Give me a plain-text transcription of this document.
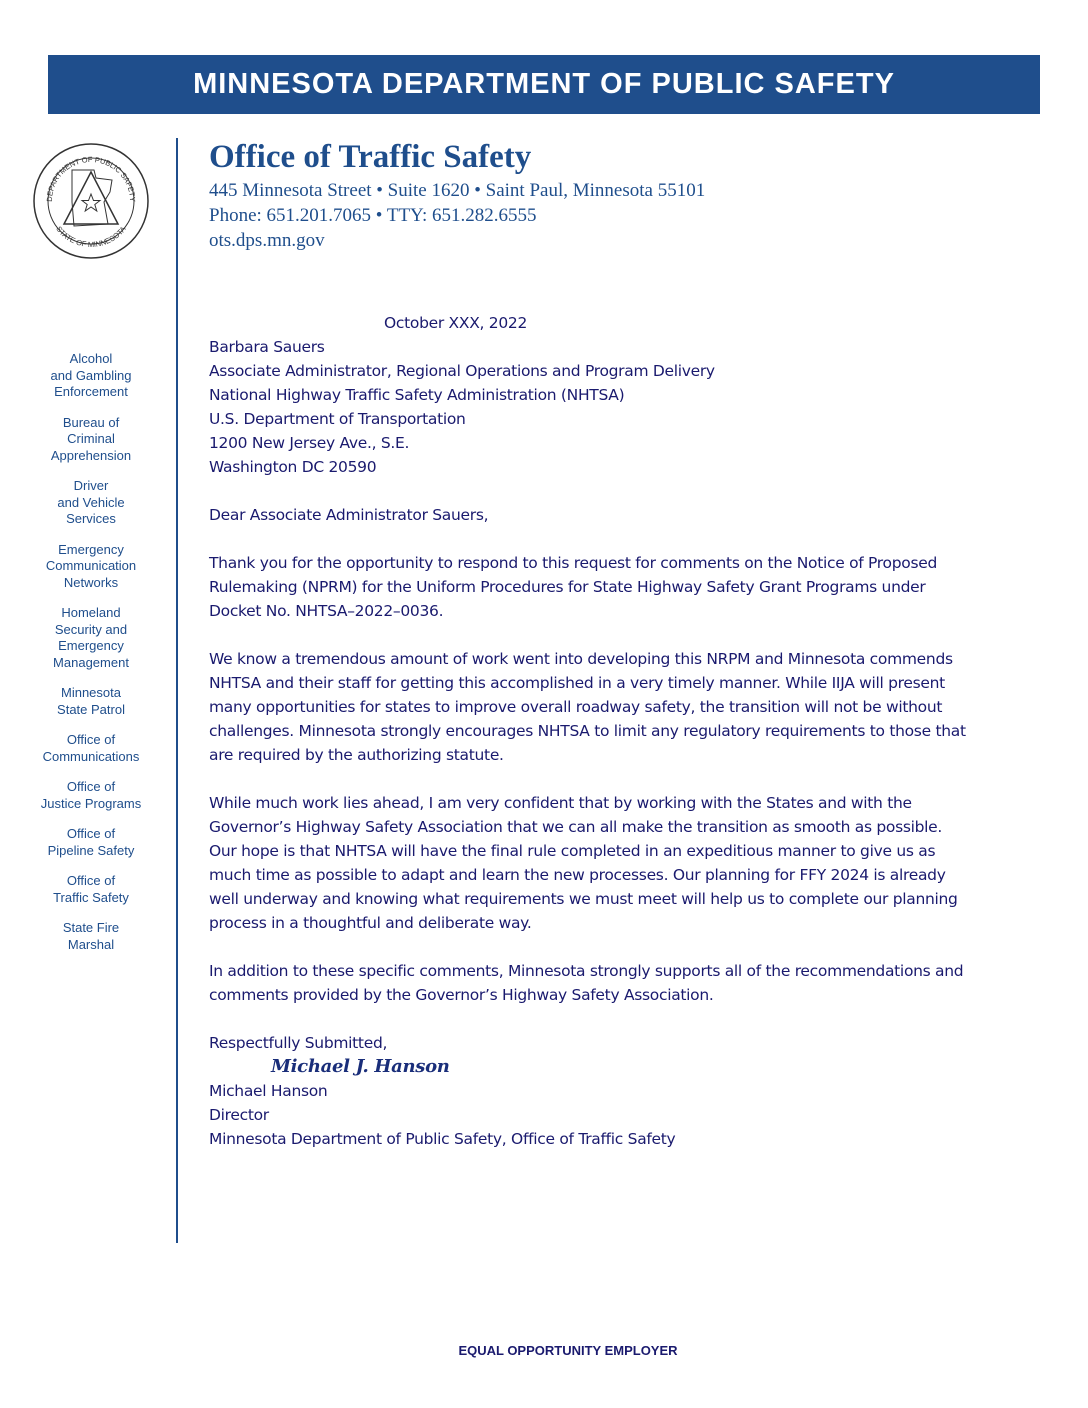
MINNESOTA DEPARTMENT OF PUBLIC SAFETY
DEPARTMENT OF PUBLIC SAFETY
STATE OF MINNESOTA
Alcohol
and Gambling
Enforcement
Bureau of
Criminal
Apprehension
Driver
and Vehicle
Services
Emergency
Communication
Networks
Homeland
Security and
Emergency
Management
Minnesota
State Patrol
Office of
Communications
Office of
Justice Programs
Office of
Pipeline Safety
Office of
Traffic Safety
State Fire
Marshal
Office of Traffic Safety
445 Minnesota Street • Suite 1620 • Saint Paul, Minnesota 55101
Phone: 651.201.7065 • TTY: 651.282.6555
ots.dps.mn.gov
October XXX, 2022
Barbara Sauers
Associate Administrator, Regional Operations and Program Delivery
National Highway Traffic Safety Administration (NHTSA)
U.S. Department of Transportation
1200 New Jersey Ave., S.E.
Washington DC 20590
Dear Associate Administrator Sauers,
Thank you for the opportunity to respond to this request for comments on the Notice of Proposed Rulemaking (NPRM) for the Uniform Procedures for State Highway Safety Grant Programs under Docket No. NHTSA–2022–0036.
We know a tremendous amount of work went into developing this NRPM and Minnesota commends NHTSA and their staff for getting this accomplished in a very timely manner. While IIJA will present many opportunities for states to improve overall roadway safety, the transition will not be without challenges. Minnesota strongly encourages NHTSA to limit any regulatory requirements to those that are required by the authorizing statute.
While much work lies ahead, I am very confident that by working with the States and with the Governor’s Highway Safety Association that we can all make the transition as smooth as possible. Our hope is that NHTSA will have the final rule completed in an expeditious manner to give us as much time as possible to adapt and learn the new processes. Our planning for FFY 2024 is already well underway and knowing what requirements we must meet will help us to complete our planning process in a thoughtful and deliberate way.
In addition to these specific comments, Minnesota strongly supports all of the recommendations and comments provided by the Governor’s Highway Safety Association.
Respectfully Submitted,
Michael J. Hanson
Michael Hanson
Director
Minnesota Department of Public Safety, Office of Traffic Safety
EQUAL OPPORTUNITY EMPLOYER
